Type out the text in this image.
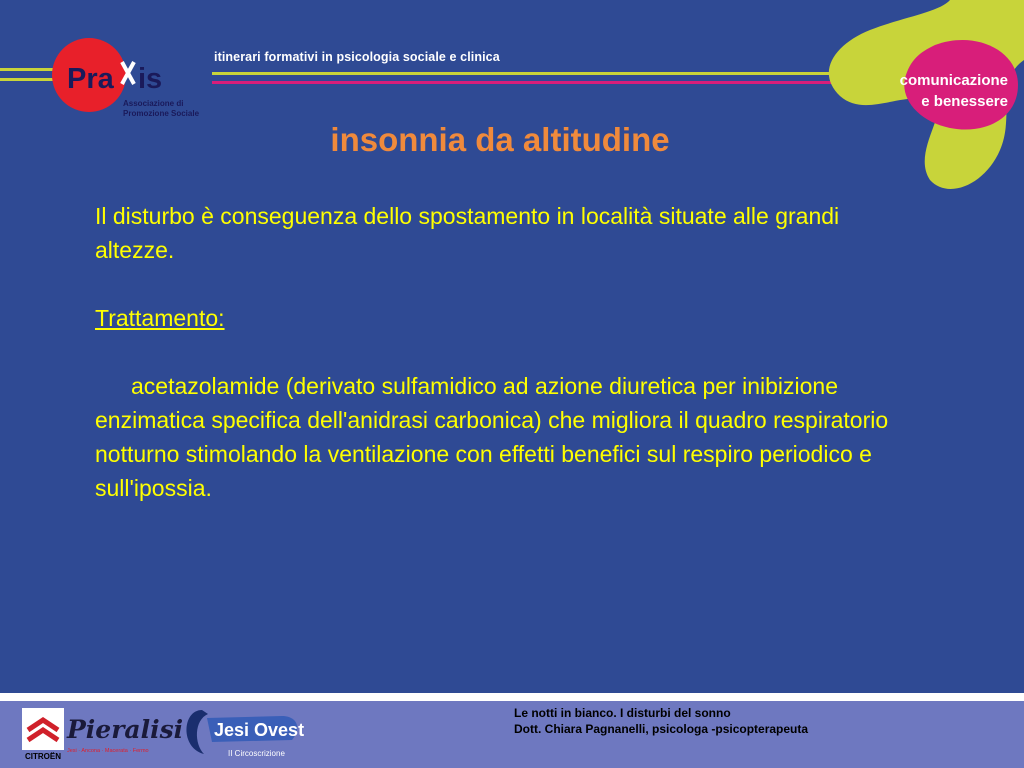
Pra is
Associazione di
Promozione Sociale
itinerari formativi in psicologia sociale e clinica
comunicazione
e benessere
insonnia da altitudine

Il disturbo è conseguenza dello spostamento in località situate alle grandi altezze.

Trattamento:

acetazolamide (derivato sulfamidico ad azione diuretica per inibizione enzimatica specifica dell'anidrasi carbonica) che migliora il quadro respiratorio notturno stimolando la ventilazione con effetti benefici sul respiro periodico e sull'ipossia.

CITROËN
Pieralisi
Jesi · Ancona · Macerata · Fermo
Jesi Ovest
II Circoscrizione
Le notti in bianco. I disturbi del sonno
Dott. Chiara Pagnanelli, psicologa -psicopterapeuta
